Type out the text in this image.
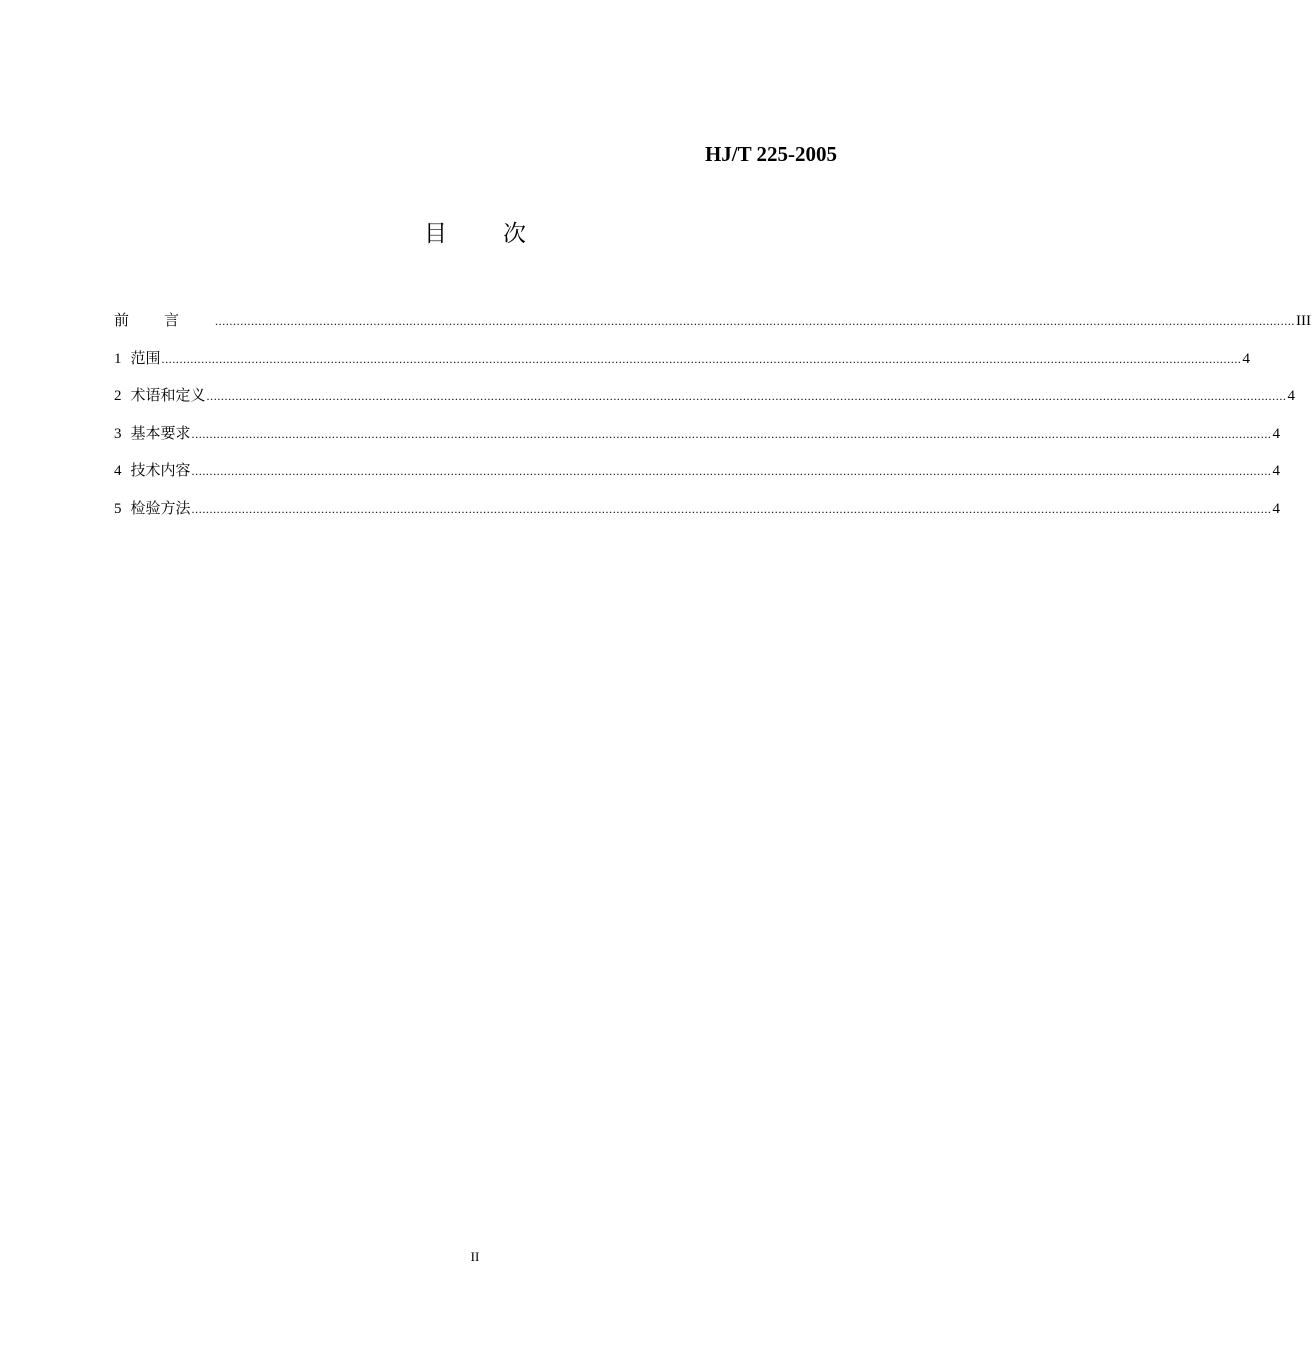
HJ/T 225-2005
目次
前言 ............................................................................................................................................................................................................................................................................................................ III
1 范围 ............................................................................................................................................................................................................................................................................................................ 4
2 术语和定义 ............................................................................................................................................................................................................................................................................................................ 4
3 基本要求 ............................................................................................................................................................................................................................................................................................................ 4
4 技术内容 ............................................................................................................................................................................................................................................................................................................ 4
5 检验方法 ............................................................................................................................................................................................................................................................................................................ 4
II
